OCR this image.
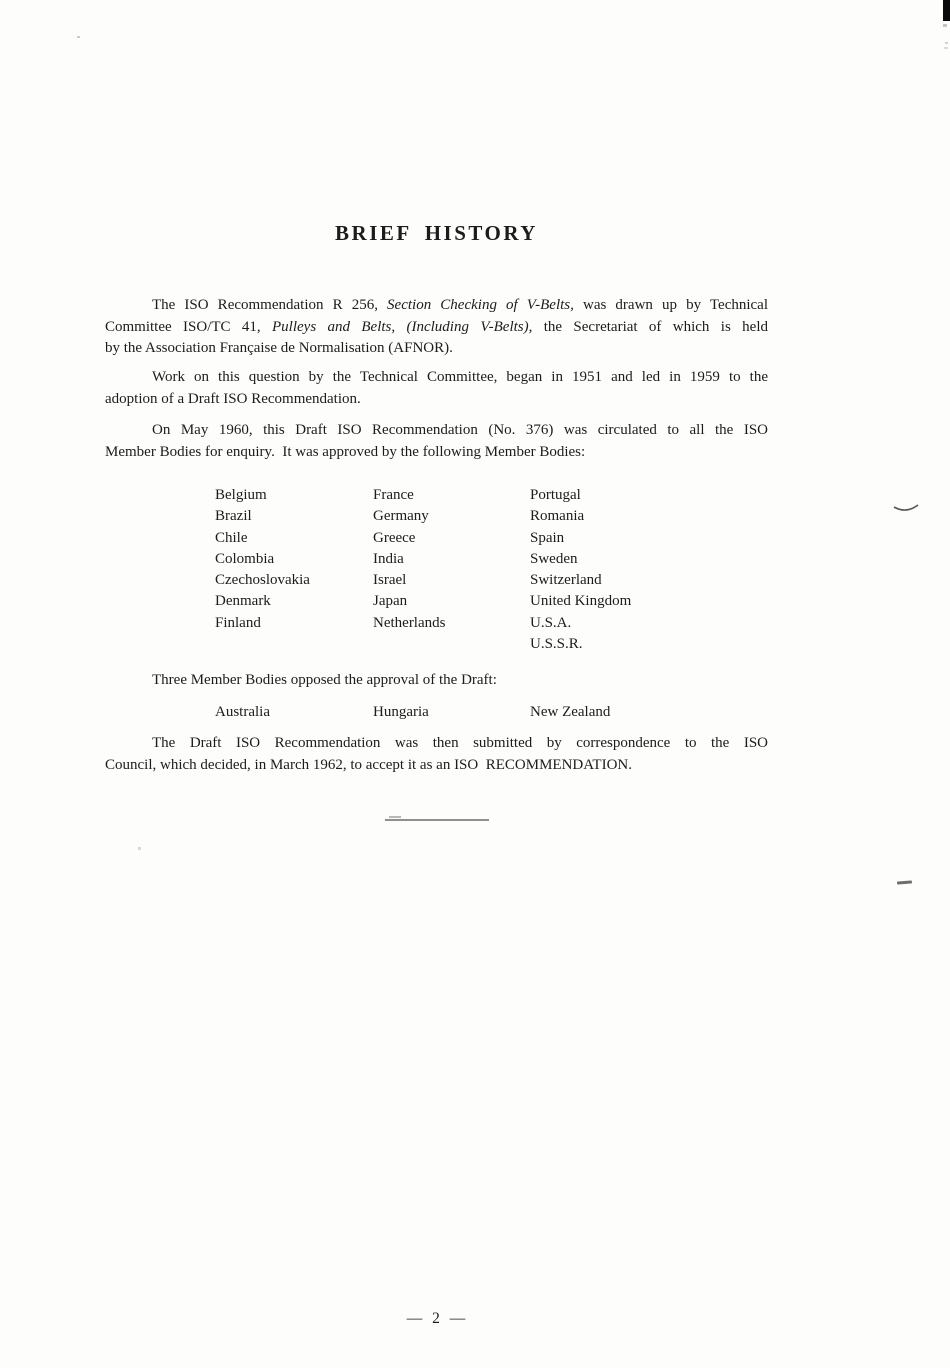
BRIEF HISTORY
The ISO Recommendation R 256, Section Checking of V-Belts, was drawn up by Technical
Committee ISO/TC 41, Pulleys and Belts, (Including V-Belts), the Secretariat of which is held
by the Association Française de Normalisation (AFNOR).
Work on this question by the Technical Committee, began in 1951 and led in 1959 to the
adoption of a Draft ISO Recommendation.
On May 1960, this Draft ISO Recommendation (No. 376) was circulated to all the ISO
Member Bodies for enquiry.  It was approved by the following Member Bodies:
Belgium
Brazil
Chile
Colombia
Czechoslovakia
Denmark
Finland
France
Germany
Greece
India
Israel
Japan
Netherlands
Portugal
Romania
Spain
Sweden
Switzerland
United Kingdom
U.S.A.
U.S.S.R.
Three Member Bodies opposed the approval of the Draft:
Australia	Hungaria	New Zealand
The Draft ISO Recommendation was then submitted by correspondence to the ISO
Council, which decided, in March 1962, to accept it as an ISO  RECOMMENDATION.
— 2 —
